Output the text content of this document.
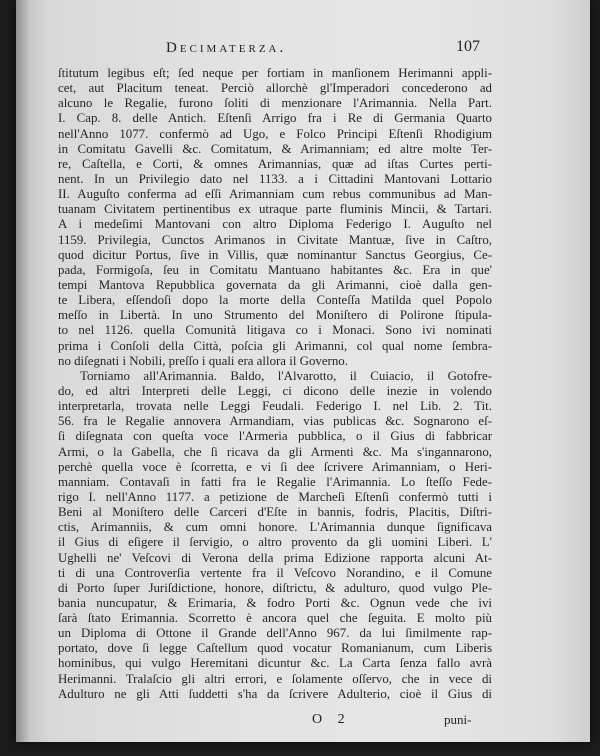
Decimaterza.	107
ſtitutum legibus eſt; ſed neque per fortiam in manſionem Herimanni appli-
cet, aut Placitum teneat. Perciò allorchè gl'Imperadori concederono ad
alcuno le Regalie, furono ſoliti di menzionare l'Arimannia. Nella Part.
I. Cap. 8. delle Antich. Eſtenſi Arrigo fra i Re di Germania Quarto
nell'Anno 1077. confermò ad Ugo, e Folco Principi Eſtenſi Rhodigium
in Comitatu Gavelli &c. Comitatum, & Arimanniam; ed altre molte Ter-
re, Caſtella, e Corti, & omnes Arimannias, quæ ad iſtas Curtes perti-
nent. In un Privilegio dato nel 1133. a i Cittadini Mantovani Lottario
II. Auguſto conferma ad eſſi Arimanniam cum rebus communibus ad Man-
tuanam Civitatem pertinentibus ex utraque parte fluminis Mincii, & Tartari.
A i medeſimi Mantovani con altro Diploma Federigo I. Auguſto nel
1159. Privilegia, Cunctos Arimanos in Civitate Mantuæ, ſive in Caſtro,
quod dicitur Portus, ſive in Villis, quæ nominantur Sanctus Georgius, Ce-
pada, Formigoſa, ſeu in Comitatu Mantuano habitantes &c. Era in que'
tempi Mantova Repubblica governata da gli Arimanni, cioè dalla gen-
te Libera, eſſendoſi dopo la morte della Conteſſa Matilda quel Popolo
meſſo in Libertà. In uno Strumento del Moniſtero di Polirone ſtipula-
to nel 1126. quella Comunità litigava co i Monaci. Sono ivi nominati
prima i Conſoli della Città, poſcia gli Arimanni, col qual nome ſembra-
no diſegnati i Nobili, preſſo i quali era allora il Governo.
Torniamo all'Arimannia. Baldo, l'Alvarotto, il Cuiacio, il Gotofre-
do, ed altri Interpreti delle Leggi, ci dicono delle inezie in volendo
interpretarla, trovata nelle Leggi Feudali. Federigo I. nel Lib. 2. Tit.
56. fra le Regalie annovera Armandiam, vias publicas &c. Sognarono eſ-
ſi diſegnata con queſta voce l'Armeria pubblica, o il Gius di fabbricar
Armi, o la Gabella, che ſi ricava da gli Armenti &c. Ma s'ingannarono,
perchè quella voce è ſcorretta, e vi ſi dee ſcrivere Arimanniam, o Heri-
manniam. Contavaſi in fatti fra le Regalie l'Arimannia. Lo ſteſſo Fede-
rigo I. nell'Anno 1177. a petizione de Marcheſi Eſtenſi confermò tutti i
Beni al Moniſtero delle Carceri d'Eſte in bannis, fodris, Placitis, Diſtri-
ctis, Arimanniis, & cum omni honore. L'Arimannia dunque ſignificava
il Gius di eſigere il ſervigio, o altro provento da gli uomini Liberi. L'
Ughelli ne' Veſcovi di Verona della prima Edizione rapporta alcuni At-
ti di una Controverſia vertente fra il Veſcovo Norandino, e il Comune
di Porto ſuper Juriſdictione, honore, diſtrictu, & adulturo, quod vulgo Ple-
bania nuncupatur, & Erimaria, & fodro Porti &c. Ognun vede che ivi
ſarà ſtato Erimannia. Scorretto è ancora quel che ſeguita. E molto più
un Diploma di Ottone il Grande dell'Anno 967. da lui ſimilmente rap-
portato, dove ſi legge Caſtellum quod vocatur Romanianum, cum Liberis
hominibus, qui vulgo Heremitani dicuntur &c. La Carta ſenza fallo avrà
Herimanni. Tralaſcio gli altri errori, e ſolamente oſſervo, che in vece di
Adulturo ne gli Atti ſuddetti s'ha da ſcrivere Adulterio, cioè il Gius di
O 2	puni-
